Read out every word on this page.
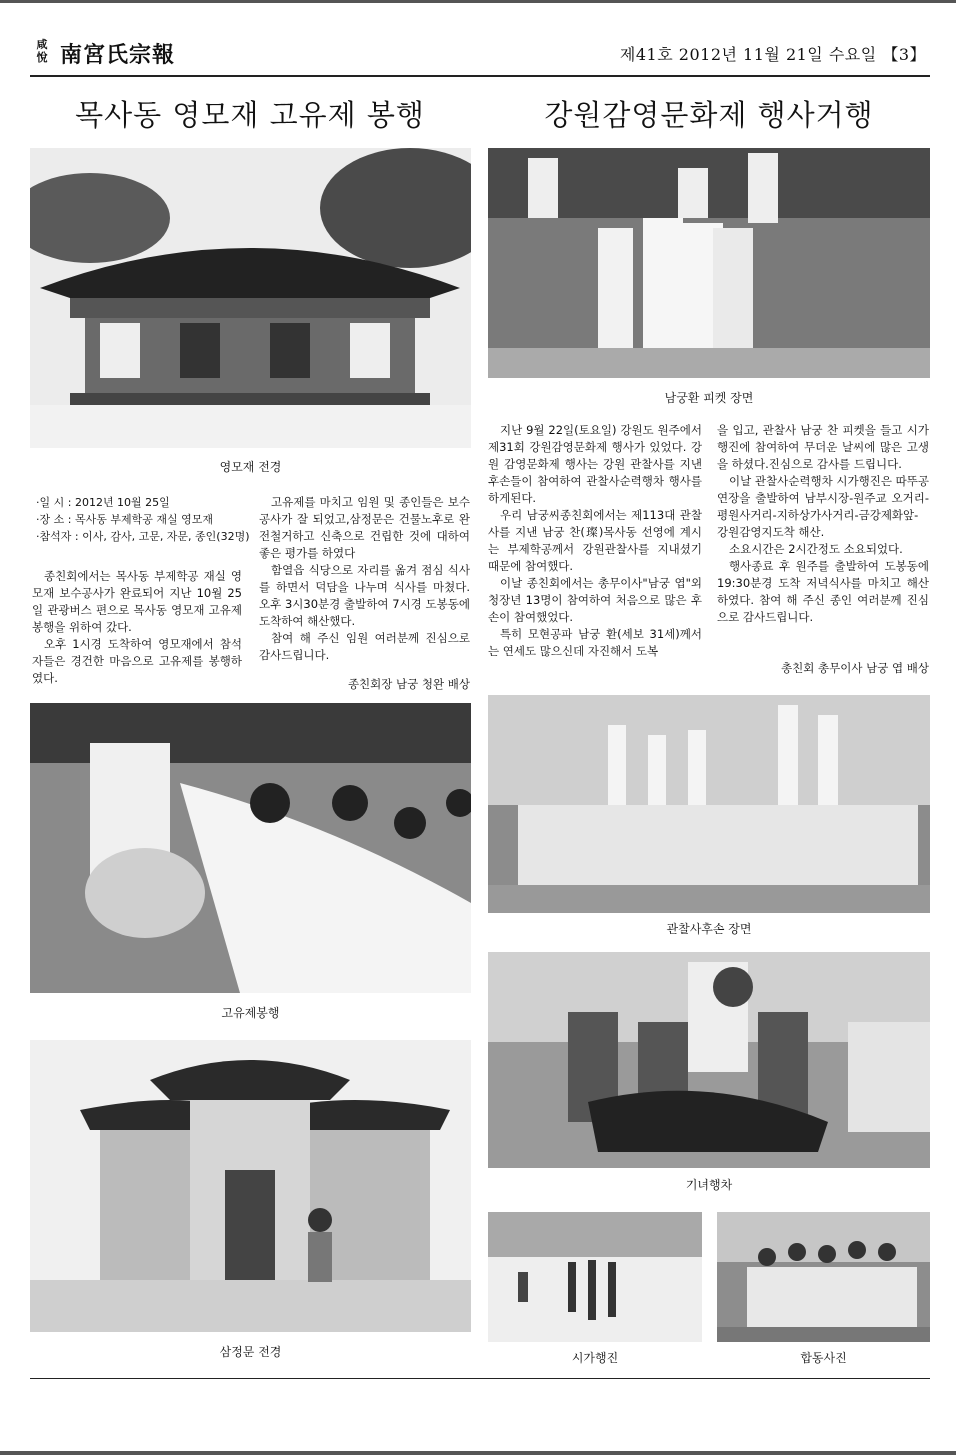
咸悅 南宮氏宗報	제41호 2012년 11월 21일 수요일 【3】
목사동 영모재 고유제 봉행
영모재 전경
·일 시 : 2012년 10월 25일
·장 소 : 목사동 부제학공 재실 영모재
·참석자 : 이사, 감사, 고문, 자문, 종인(32명)

종친회에서는 목사동 부제학공 재실 영모재 보수공사가 완료되어 지난 10월 25일 관광버스 편으로 목사동 영모재 고유제 봉행을 위하여 갔다.

오후 1시경 도착하여 영모재에서 참석자들은 경건한 마음으로 고유제를 봉행하였다.

고유제를 마치고 임원 및 종인들은 보수공사가 잘 되었고,삼정문은 건물노후로 완전철거하고 신축으로 건립한 것에 대하여 좋은 평가를 하였다

함열읍 식당으로 자리를 옮겨 점심 식사를 하면서 덕담을 나누며 식사를 마쳤다. 오후 3시30분경 출발하여 7시경 도봉동에 도착하여 해산했다.

참여 해 주신 임원 여러분께 진심으로 감사드립니다.

종친회장 남궁 청완 배상
고유제봉행
삼정문 전경
강원감영문화제 행사거행
남궁환 피켓 장면

지난 9월 22일(토요일) 강원도 원주에서 제31회 강원감영문화제 행사가 있었다. 강원 감영문화제 행사는 강원 관찰사를 지낸 후손들이 참여하여 관찰사순력행차 행사를 하게된다.

우리 남궁씨종친회에서는 제113대 관찰사를 지낸 남궁 찬(璨)목사동 선영에 계시는 부제학공께서 강원관찰사를 지내셨기 때문에 참여했다.

이날 종친회에서는 총무이사"남궁 엽"외 청장년 13명이 참여하여 처음으로 많은 후손이 참여했었다.

특히 모현공파 남궁 환(세보 31세)께서는 연세도 많으신데 자진해서 도복

을 입고, 관찰사 남궁 찬 피켓을 들고 시가행진에 참여하여 무더운 날씨에 많은 고생을 하셨다.진심으로 감사를 드립니다.

이날 관찰사순력행차 시가행진은 따뚜공연장을 출발하여 남부시장-원주교 오거리-평원사거리-지하상가사거리-금강제화앞-강원감영지도착 해산.

소요시간은 2시간정도 소요되었다.

행사종료 후 원주를 출발하여 도봉동에 19:30분경 도착 저녁식사를 마치고 해산하였다. 참여 해 주신 종인 여러분께 진심으로 감사드립니다.

총친회 총무이사 남궁 엽 배상
관찰사후손 장면
기녀행차
시가행진	합동사진
